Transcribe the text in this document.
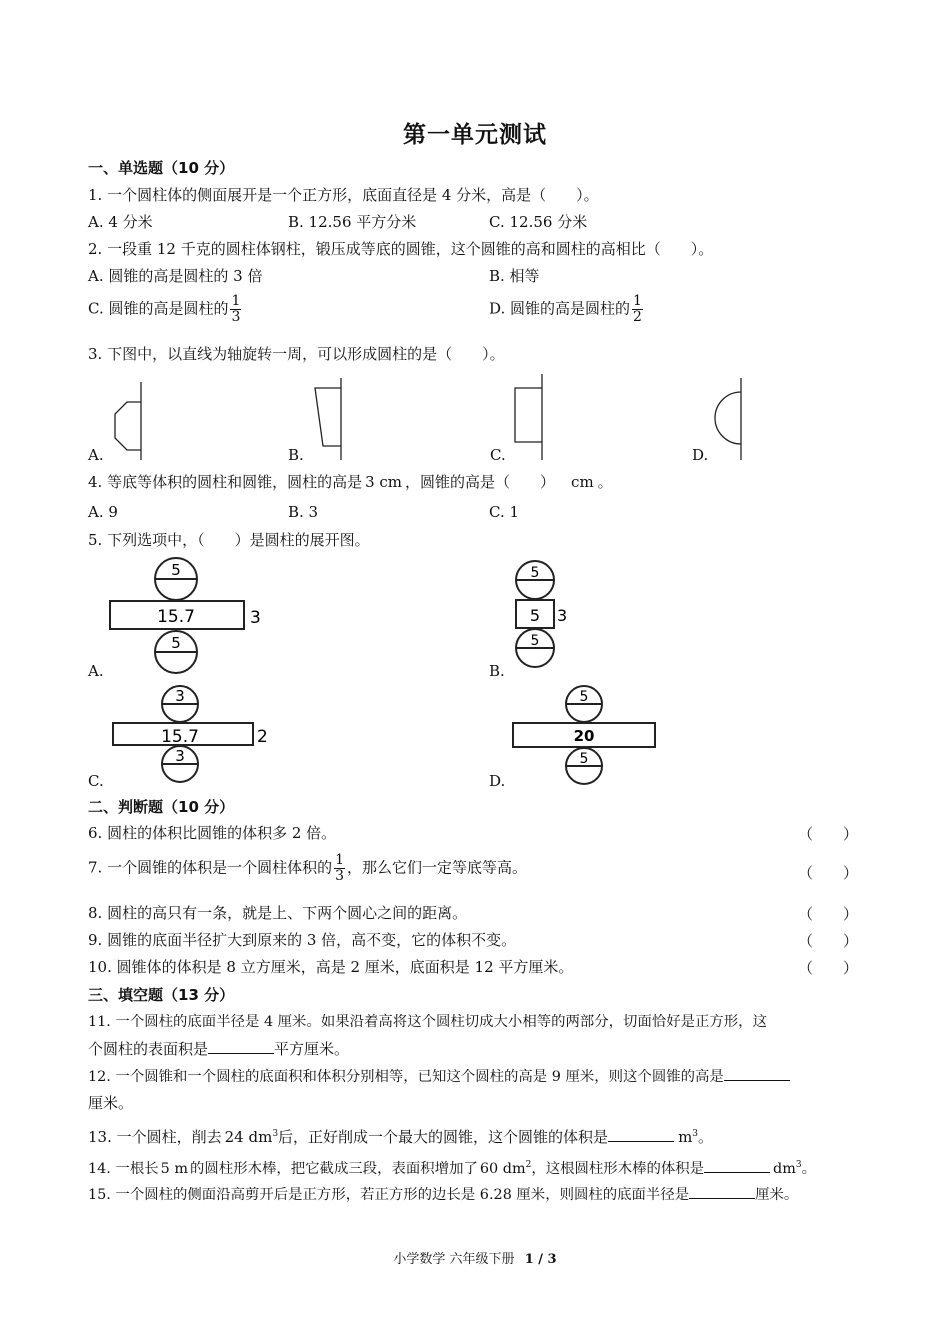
第一单元测试
一、单选题（10 分）
1. 一个圆柱体的侧面展开是一个正方形，底面直径是 4 分米，高是（　　）。
A. 4 分米	B. 12.56 平方分米	C. 12.56 分米
2. 一段重 12 千克的圆柱体钢柱，锻压成等底的圆锥，这个圆锥的高和圆柱的高相比（　　）。
A. 圆锥的高是圆柱的 3 倍	B. 相等
C. 圆锥的高是圆柱的 $\frac{1}{3}$	D. 圆锥的高是圆柱的 $\frac{1}{2}$
3. 下图中，以直线为轴旋转一周，可以形成圆柱的是（　　）。
A.	B.	C.	D.
4. 等底等体积的圆柱和圆锥，圆柱的高是 3 cm ，圆锥的高是（　　） cm 。
A. 9	B. 3	C. 1
5. 下列选项中，（　　）是圆柱的展开图。
5
15.7	3
5
A.
5
5 3
5
B.
3
15.7	2
3
C.
5
20
5
D.
二、判断题（10 分）
6. 圆柱的体积比圆锥的体积多 2 倍。	（　　）
7. 一个圆锥的体积是一个圆柱体积的 $\frac{1}{3}$ ，那么它们一定等底等高。	（　　）
8. 圆柱的高只有一条，就是上、下两个圆心之间的距离。	（　　）
9. 圆锥的底面半径扩大到原来的 3 倍，高不变，它的体积不变。	（　　）
10. 圆锥体的体积是 8 立方厘米，高是 2 厘米，底面积是 12 平方厘米。	（　　）
三、填空题（13 分）
11. 一个圆柱的底面半径是 4 厘米。如果沿着高将这个圆柱切成大小相等的两部分，切面恰好是正方形，这
个圆柱的表面积是	平方厘米。
12. 一个圆锥和一个圆柱的底面积和体积分别相等，已知这个圆柱的高是 9 厘米，则这个圆锥的高是
厘米。
13. 一个圆柱，削去 24 $dm^3$后，正好削成一个最大的圆锥，这个圆锥的体积是	$m^3$。
14. 一根长 5 m 的圆柱形木棒，把它截成三段，表面积增加了 60 $dm^2$，这根圆柱形木棒的体积是	$dm^3$。
15. 一个圆柱的侧面沿高剪开后是正方形，若正方形的边长是 6.28 厘米，则圆柱的底面半径是	厘米。
小学数学 六年级下册 1 / 3
